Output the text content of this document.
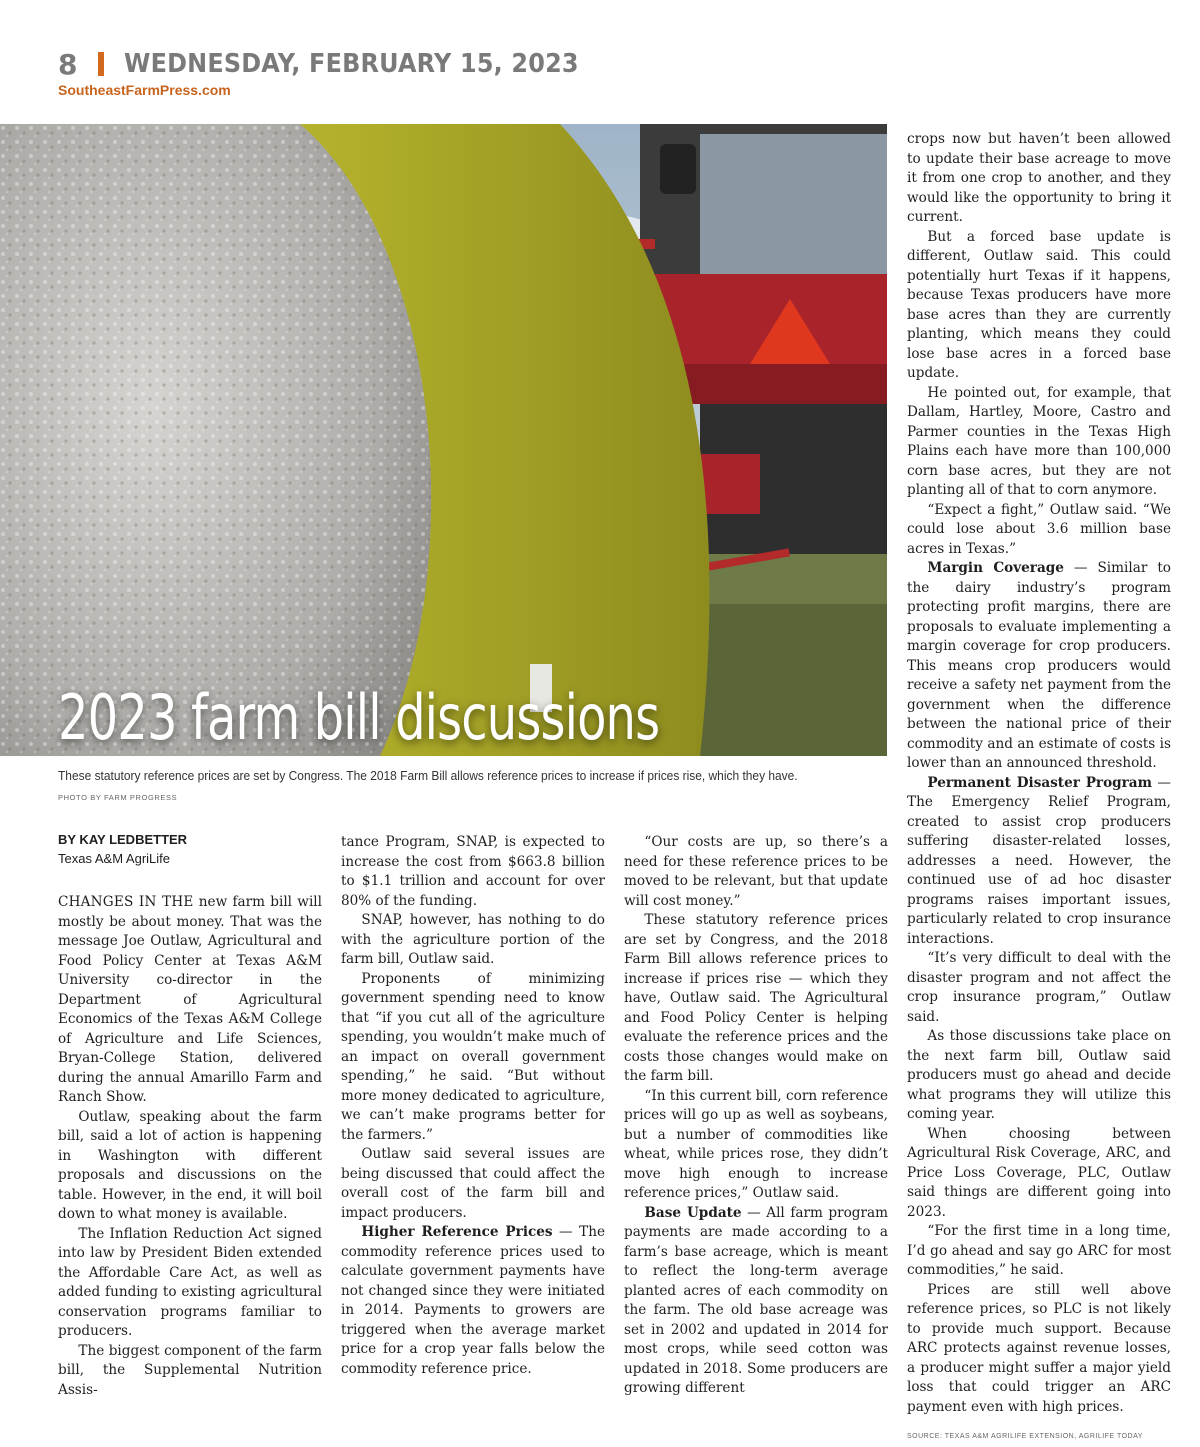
8 WEDNESDAY, FEBRUARY 15, 2023
SoutheastFarmPress.com
2023 farm bill discussions

These statutory reference prices are set by Congress. The 2018 Farm Bill allows reference prices to increase if prices rise, which they have.
PHOTO BY FARM PROGRESS
BY KAY LEDBETTER
Texas A&M AgriLife

CHANGES IN THE new farm bill will mostly be about money. That was the message Joe Outlaw, Agricultural and Food Policy Center at Texas A&M University co-director in the Department of Agricultural Economics of the Texas A&M College of Agriculture and Life Sciences, Bryan-College Station, delivered during the annual Amarillo Farm and Ranch Show.

Outlaw, speaking about the farm bill, said a lot of action is happening in Washington with different proposals and discussions on the table. However, in the end, it will boil down to what money is available.

The Inflation Reduction Act signed into law by President Biden extended the Affordable Care Act, as well as added funding to existing agricultural conservation programs familiar to producers.

The biggest component of the farm bill, the Supplemental Nutrition Assis-

tance Program, SNAP, is expected to increase the cost from $663.8 billion to $1.1 trillion and account for over 80% of the funding.

SNAP, however, has nothing to do with the agriculture portion of the farm bill, Outlaw said.

Proponents of minimizing government spending need to know that “if you cut all of the agriculture spending, you wouldn’t make much of an impact on overall government spending,” he said. “But without more money dedicated to agriculture, we can’t make programs better for the farmers.”

Outlaw said several issues are being discussed that could affect the overall cost of the farm bill and impact producers.

Higher Reference Prices — The commodity reference prices used to calculate government payments have not changed since they were initiated in 2014. Payments to growers are triggered when the average market price for a crop year falls below the commodity reference price.

“Our costs are up, so there’s a need for these reference prices to be moved to be relevant, but that update will cost money.”

These statutory reference prices are set by Congress, and the 2018 Farm Bill allows reference prices to increase if prices rise — which they have, Outlaw said. The Agricultural and Food Policy Center is helping evaluate the reference prices and the costs those changes would make on the farm bill.

“In this current bill, corn reference prices will go up as well as soybeans, but a number of commodities like wheat, while prices rose, they didn’t move high enough to increase reference prices,” Outlaw said.

Base Update — All farm program payments are made according to a farm’s base acreage, which is meant to reflect the long-term average planted acres of each commodity on the farm. The old base acreage was set in 2002 and updated in 2014 for most crops, while seed cotton was updated in 2018. Some producers are growing different

crops now but haven’t been allowed to update their base acreage to move it from one crop to another, and they would like the opportunity to bring it current.

But a forced base update is different, Outlaw said. This could potentially hurt Texas if it happens, because Texas producers have more base acres than they are currently planting, which means they could lose base acres in a forced base update.

He pointed out, for example, that Dallam, Hartley, Moore, Castro and Parmer counties in the Texas High Plains each have more than 100,000 corn base acres, but they are not planting all of that to corn anymore.

“Expect a fight,” Outlaw said. “We could lose about 3.6 million base acres in Texas.”

Margin Coverage — Similar to the dairy industry’s program protecting profit margins, there are proposals to evaluate implementing a margin coverage for crop producers. This means crop producers would receive a safety net payment from the government when the difference between the national price of their commodity and an estimate of costs is lower than an announced threshold.

Permanent Disaster Program — The Emergency Relief Program, created to assist crop producers suffering disaster-related losses, addresses a need. However, the continued use of ad hoc disaster programs raises important issues, particularly related to crop insurance interactions.

“It’s very difficult to deal with the disaster program and not affect the crop insurance program,” Outlaw said.

As those discussions take place on the next farm bill, Outlaw said producers must go ahead and decide what programs they will utilize this coming year.

When choosing between Agricultural Risk Coverage, ARC, and Price Loss Coverage, PLC, Outlaw said things are different going into 2023.

“For the first time in a long time, I’d go ahead and say go ARC for most commodities,” he said.

Prices are still well above reference prices, so PLC is not likely to provide much support. Because ARC protects against revenue losses, a producer might suffer a major yield loss that could trigger an ARC payment even with high prices.

SOURCE: TEXAS A&M AGRILIFE EXTENSION, AGRILIFE TODAY
